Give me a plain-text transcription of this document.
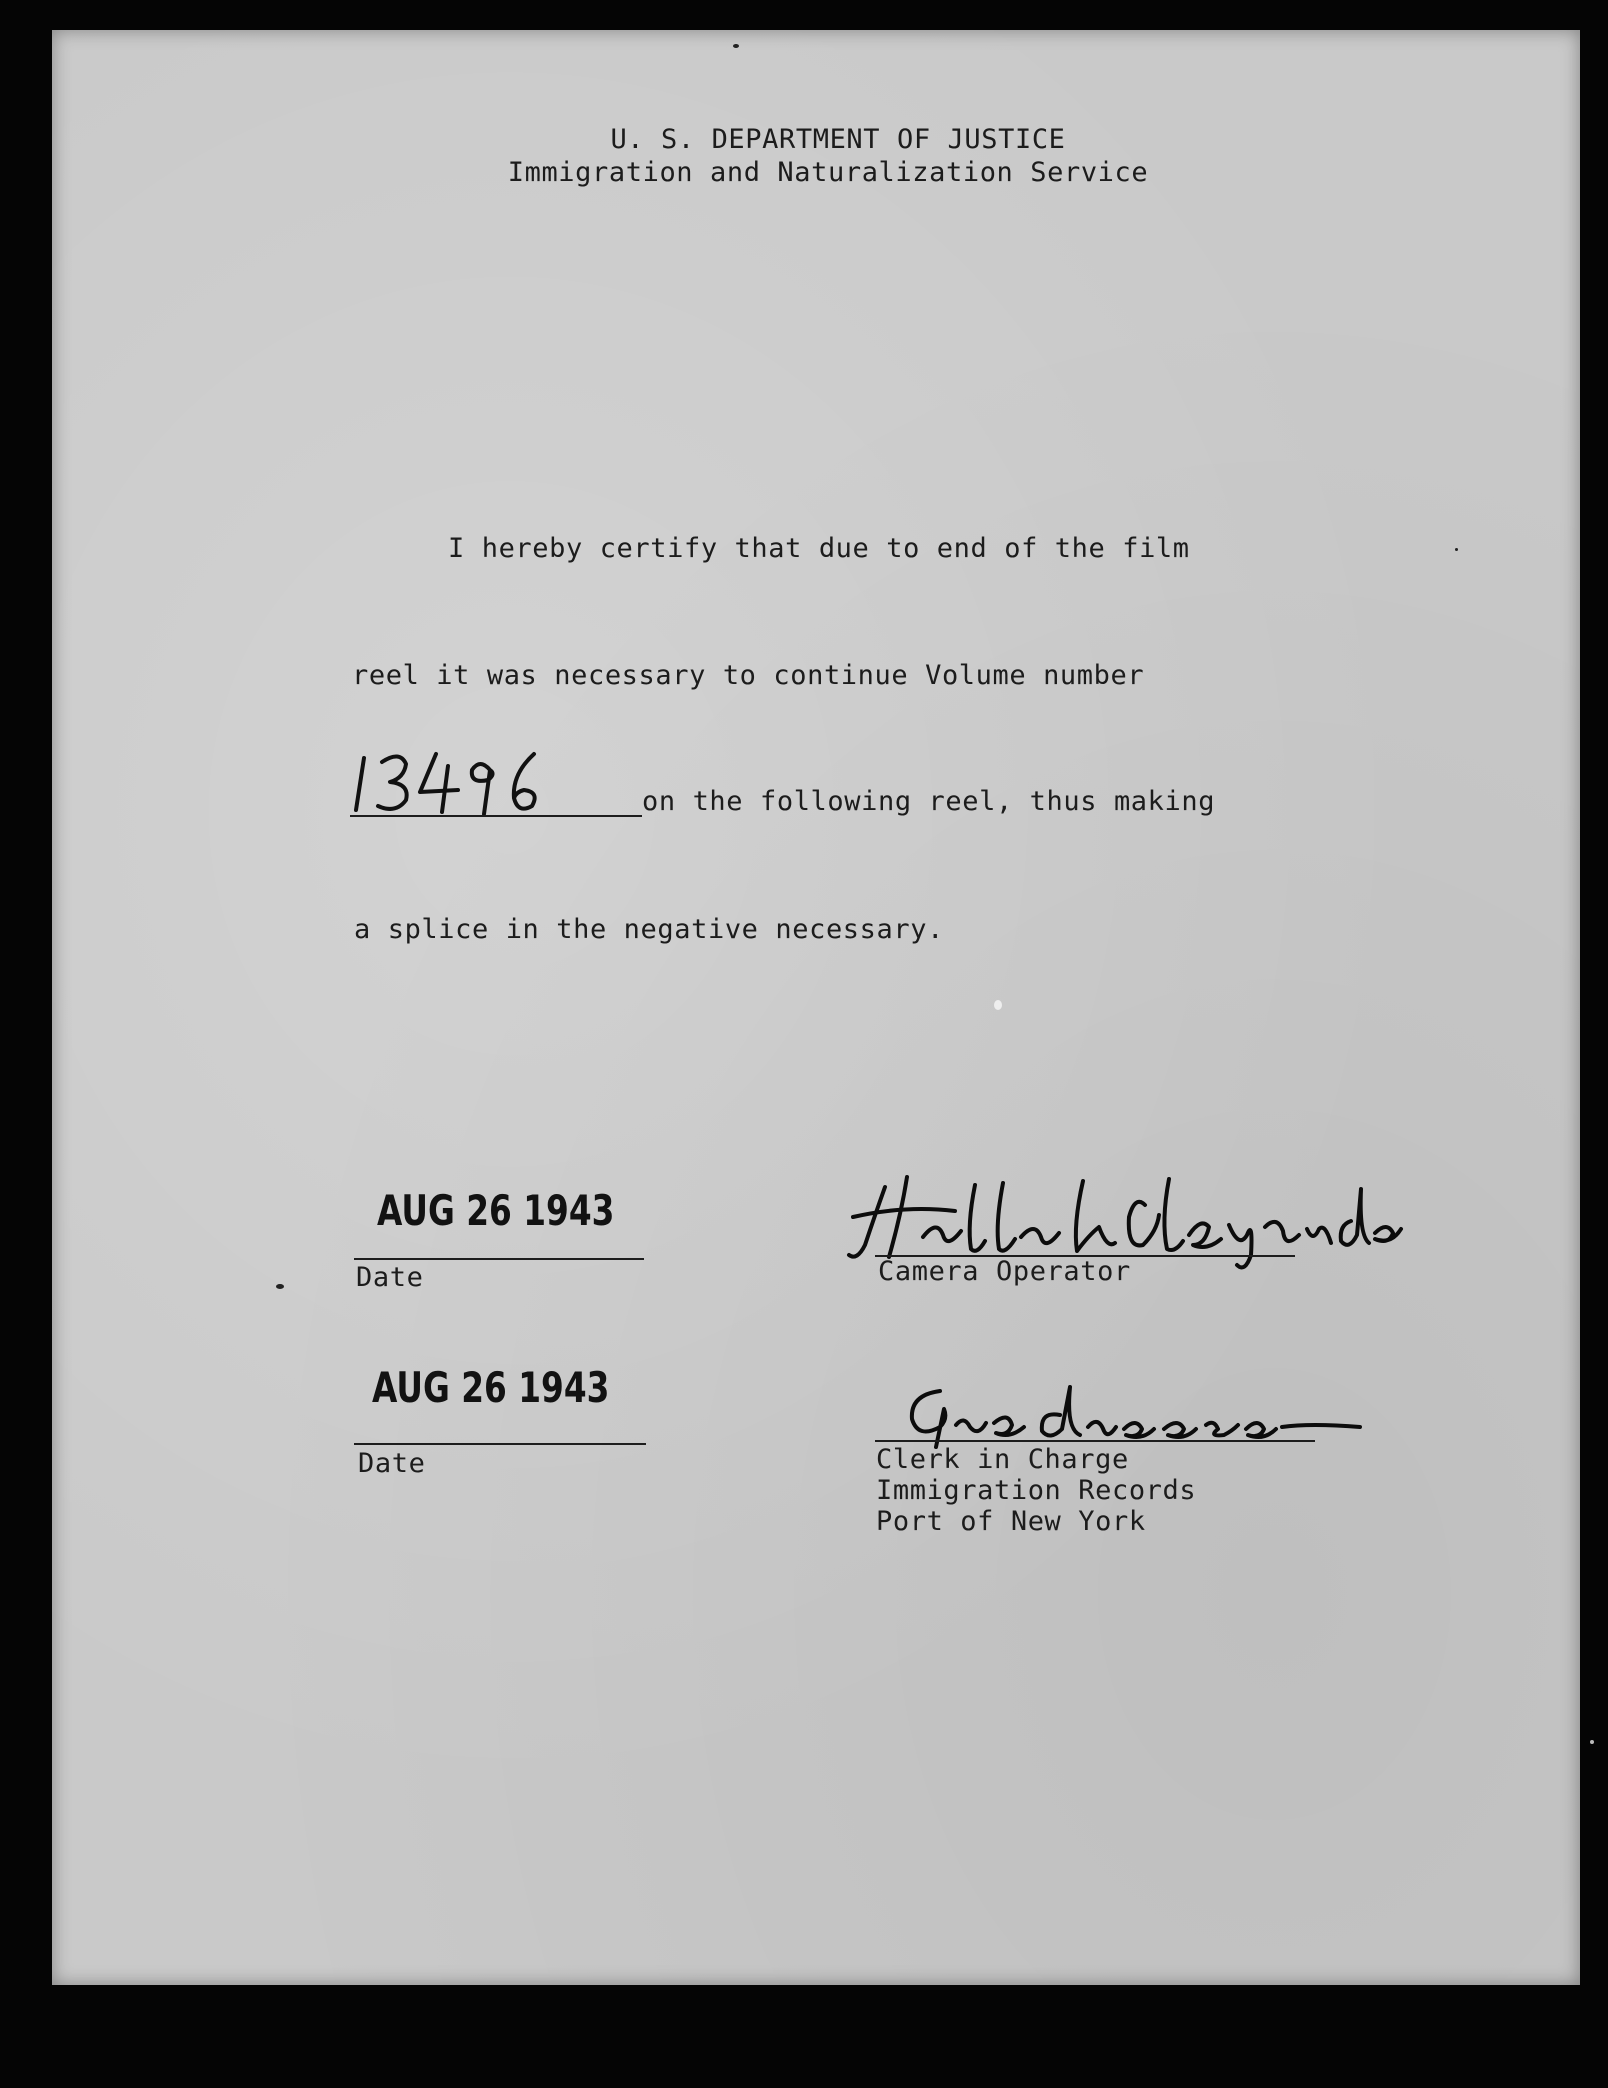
U. S. DEPARTMENT OF JUSTICE
Immigration and Naturalization Service
I hereby certify that due to end of the film
reel it was necessary to continue Volume number
on the following reel, thus making
a splice in the negative necessary.
AUG 26 1943
Date	Camera Operator
AUG 26 1943
Date	Clerk in Charge
Immigration Records
Port of New York
